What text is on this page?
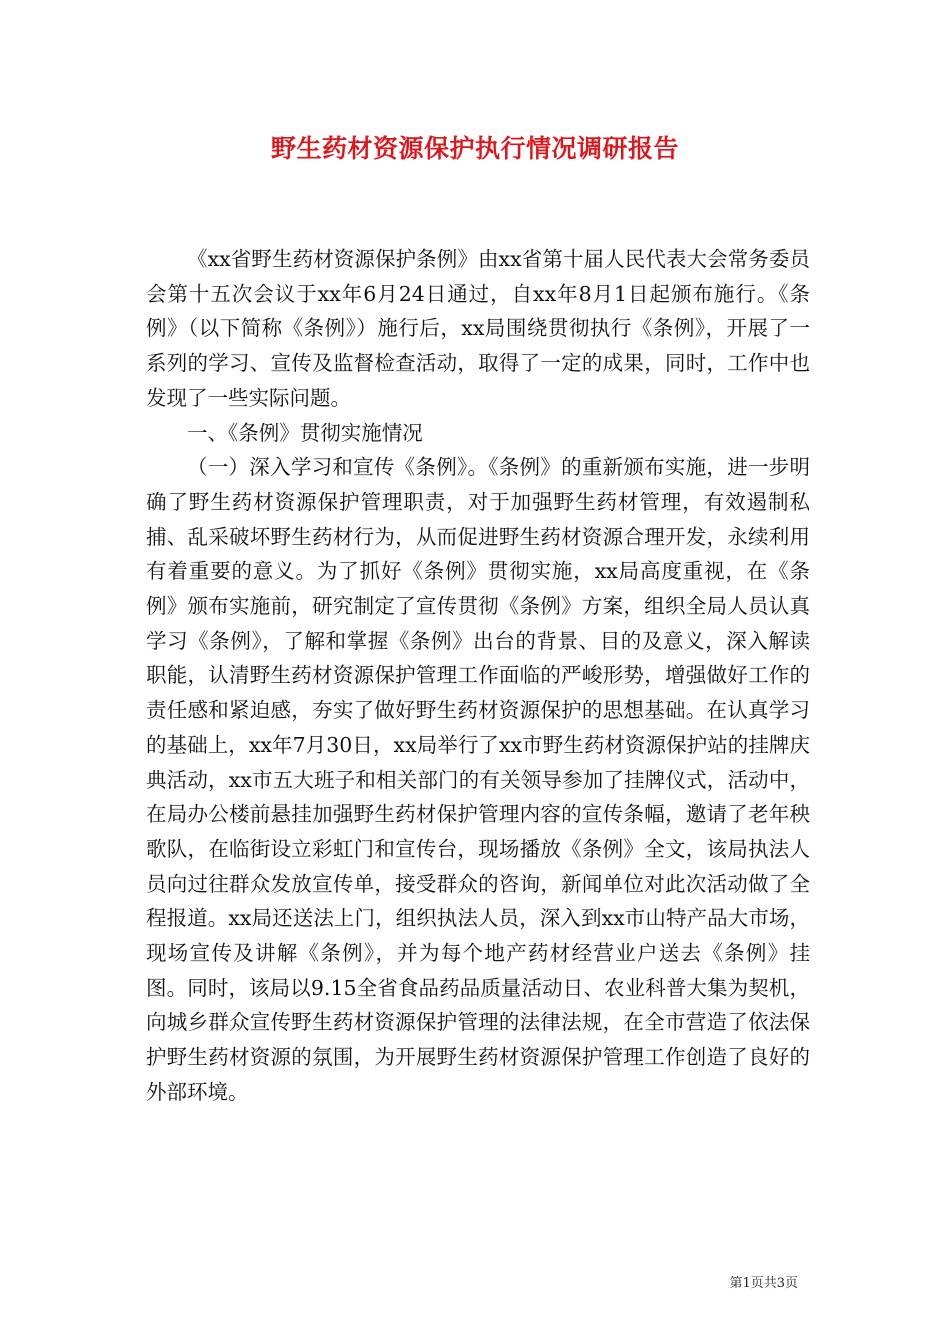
野生药材资源保护执行情况调研报告

《xx省野生药材资源保护条例》由xx省第十届人民代表大会常务委员会第十五次会议于xx年6月24日通过，自xx年8月1日起颁布施行。《条例》（以下简称《条例》）施行后，xx局围绕贯彻执行《条例》，开展了一系列的学习、宣传及监督检查活动，取得了一定的成果，同时，工作中也发现了一些实际问题。

一、《条例》贯彻实施情况

（一）深入学习和宣传《条例》。《条例》的重新颁布实施，进一步明确了野生药材资源保护管理职责，对于加强野生药材管理，有效遏制私捕、乱采破坏野生药材行为，从而促进野生药材资源合理开发，永续利用有着重要的意义。为了抓好《条例》贯彻实施，xx局高度重视，在《条例》颁布实施前，研究制定了宣传贯彻《条例》方案，组织全局人员认真学习《条例》，了解和掌握《条例》出台的背景、目的及意义，深入解读职能，认清野生药材资源保护管理工作面临的严峻形势，增强做好工作的责任感和紧迫感，夯实了做好野生药材资源保护的思想基础。在认真学习的基础上，xx年7月30日，xx局举行了xx市野生药材资源保护站的挂牌庆典活动，xx市五大班子和相关部门的有关领导参加了挂牌仪式，活动中，在局办公楼前悬挂加强野生药材保护管理内容的宣传条幅，邀请了老年秧歌队，在临街设立彩虹门和宣传台，现场播放《条例》全文，该局执法人员向过往群众发放宣传单，接受群众的咨询，新闻单位对此次活动做了全程报道。xx局还送法上门，组织执法人员，深入到xx市山特产品大市场，现场宣传及讲解《条例》，并为每个地产药材经营业户送去《条例》挂图。同时，该局以9.15全省食品药品质量活动日、农业科普大集为契机，向城乡群众宣传野生药材资源保护管理的法律法规，在全市营造了依法保护野生药材资源的氛围，为开展野生药材资源保护管理工作创造了良好的外部环境。

第1页共3页
